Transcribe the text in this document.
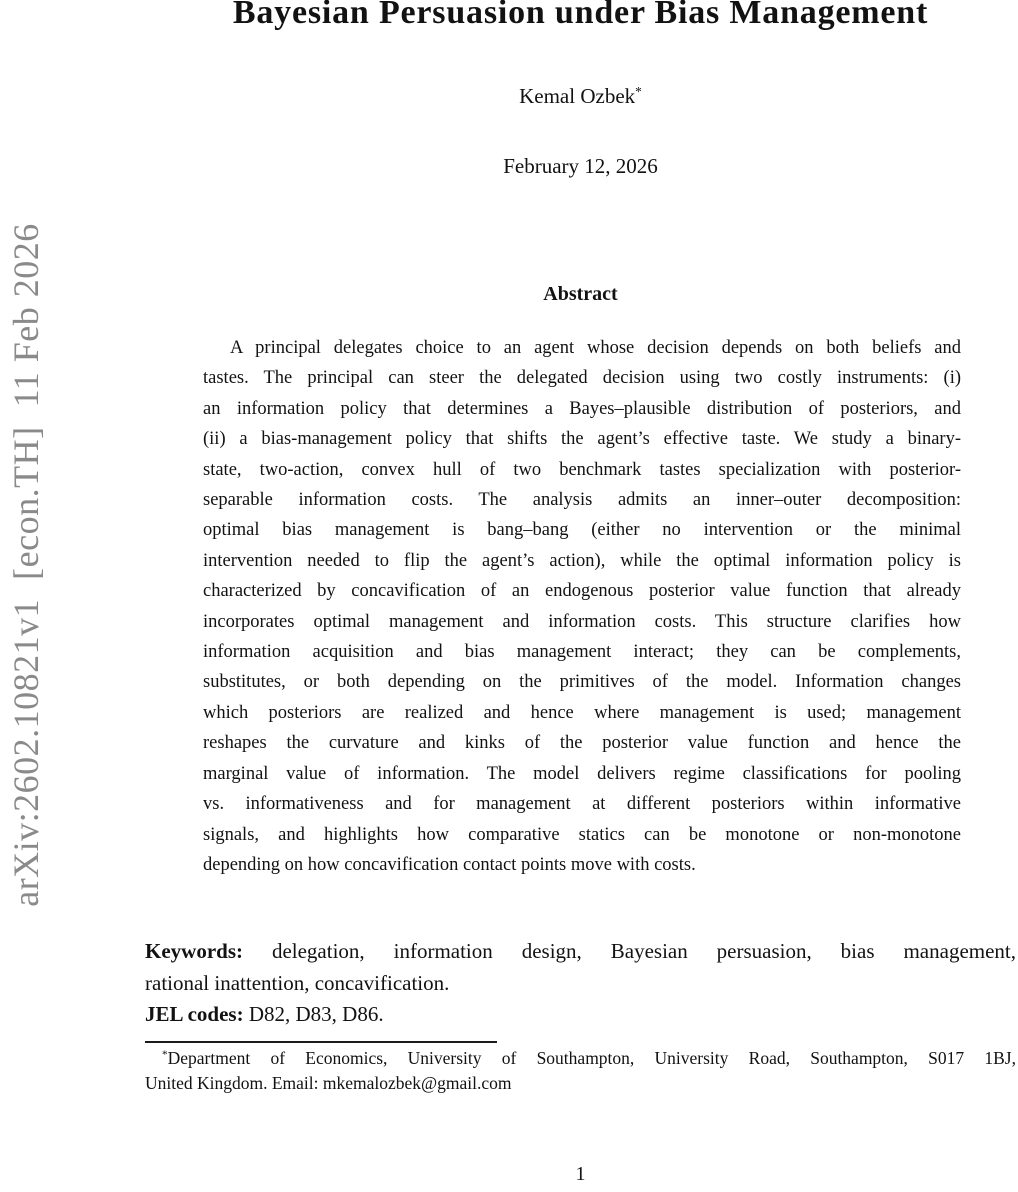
arXiv:2602.10821v1  [econ.TH]  11 Feb 2026
Bayesian Persuasion under Bias Management
Kemal Ozbek*
February 12, 2026
Abstract
A principal delegates choice to an agent whose decision depends on both beliefs and
tastes. The principal can steer the delegated decision using two costly instruments: (i)
an information policy that determines a Bayes–plausible distribution of posteriors, and
(ii) a bias-management policy that shifts the agent’s effective taste. We study a binary-
state, two-action, convex hull of two benchmark tastes specialization with posterior-
separable information costs. The analysis admits an inner–outer decomposition:
optimal bias management is bang–bang (either no intervention or the minimal
intervention needed to flip the agent’s action), while the optimal information policy is
characterized by concavification of an endogenous posterior value function that already
incorporates optimal management and information costs. This structure clarifies how
information acquisition and bias management interact; they can be complements,
substitutes, or both depending on the primitives of the model. Information changes
which posteriors are realized and hence where management is used; management
reshapes the curvature and kinks of the posterior value function and hence the
marginal value of information. The model delivers regime classifications for pooling
vs. informativeness and for management at different posteriors within informative
signals, and highlights how comparative statics can be monotone or non-monotone
depending on how concavification contact points move with costs.
Keywords: delegation, information design, Bayesian persuasion, bias management,
rational inattention, concavification.
JEL codes: D82, D83, D86.
*Department of Economics, University of Southampton, University Road, Southampton, S017 1BJ,
United Kingdom. Email: mkemalozbek@gmail.com
1
